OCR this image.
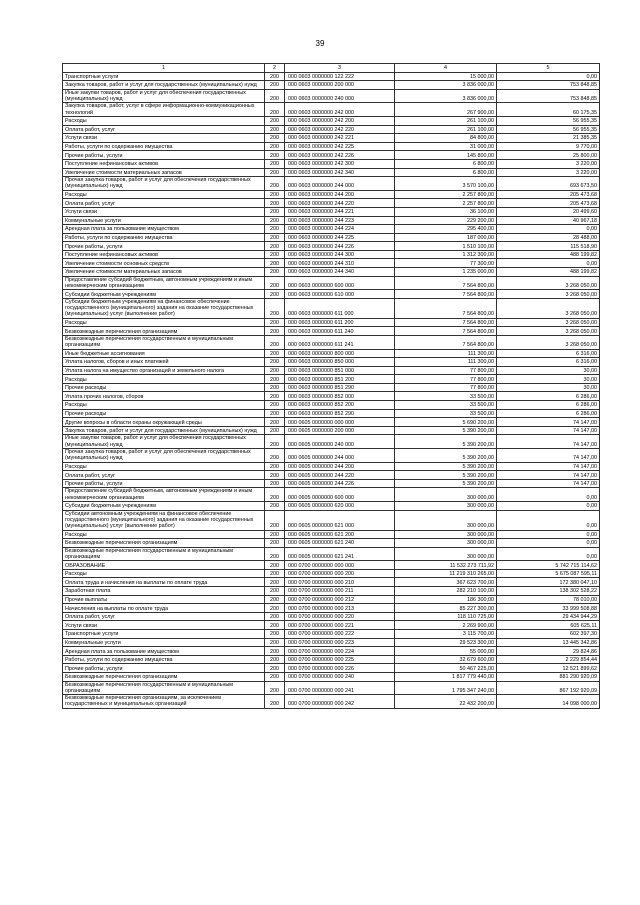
39
1	2	3	4	5
Транспортные услуги	200	000 0603 0000000 122 222	15 000,00	0,00
Закупка товаров, работ и услуг для государственных (муниципальных) нужд	200	000 0603 0000000 200 000	3 836 000,00	753 848,85
Иные закупки товаров, работ и услуг для обеспечения государственных (муниципальных) нужд	200	000 0603 0000000 240 000	3 836 000,00	753 848,85
Закупка товаров, работ, услуг в сфере информационно-коммуникационных технологий	200	000 0603 0000000 242 000	267 900,00	60 175,35
Расходы	200	000 0603 0000000 242 200	261 100,00	56 955,35
Оплата работ, услуг	200	000 0603 0000000 242 220	261 100,00	56 955,35
Услуги связи	200	000 0603 0000000 242 221	84 800,00	21 385,35
Работы, услуги по содержанию имущества	200	000 0603 0000000 242 225	31 000,00	9 770,00
Прочие работы, услуги	200	000 0603 0000000 242 226	145 800,00	25 800,00
Поступление нефинансовых активов	200	000 0603 0000000 242 300	6 800,00	3 220,00
Увеличение стоимости материальных запасов	200	000 0603 0000000 242 340	6 800,00	3 220,00
Прочая закупка товаров, работ и услуг для обеспечения государственных (муниципальных) нужд	200	000 0603 0000000 244 000	3 570 100,00	693 673,50
Расходы	200	000 0603 0000000 244 200	2 257 800,00	205 473,68
Оплата работ, услуг	200	000 0603 0000000 244 220	2 257 800,00	205 473,68
Услуги связи	200	000 0603 0000000 244 221	36 100,00	20 499,60
Коммунальные услуги	200	000 0603 0000000 244 223	229 200,00	40 967,18
Арендная плата за пользование имуществом	200	000 0603 0000000 244 224	295 400,00	0,00
Работы, услуги по содержанию имущества	200	000 0603 0000000 244 225	187 000,00	28 488,00
Прочие работы, услуги	200	000 0603 0000000 244 226	1 510 100,00	115 518,90
Поступление нефинансовых активов	200	000 0603 0000000 244 300	1 312 300,00	488 199,82
Увеличение стоимости основных средств	200	000 0603 0000000 244 310	77 300,00	0,00
Увеличение стоимости материальных запасов	200	000 0603 0000000 244 340	1 235 000,00	488 199,82
Предоставление субсидий бюджетным, автономным учреждениям и иным некоммерческим организациям	200	000 0603 0000000 600 000	7 564 800,00	3 268 050,00
Субсидии бюджетным учреждениям	200	000 0603 0000000 610 000	7 564 800,00	3 268 050,00
Субсидии бюджетным учреждениям на финансовое обеспечение государственного (муниципального) задания на оказание государственных (муниципальных) услуг (выполнение работ)	200	000 0603 0000000 611 000	7 564 800,00	3 268 050,00
Расходы	200	000 0603 0000000 611 200	7 564 800,00	3 268 050,00
Безвозмездные перечисления организациям	200	000 0603 0000000 611 240	7 564 800,00	3 268 050,00
Безвозмездные перечисления государственным и муниципальным организациям	200	000 0603 0000000 611 241	7 564 800,00	3 268 050,00
Иные бюджетные ассигнования	200	000 0603 0000000 800 000	111 300,00	6 316,00
Уплата налогов, сборов и иных платежей	200	000 0603 0000000 850 000	111 300,00	6 316,00
Уплата налога на имущество организаций и земельного налога	200	000 0603 0000000 851 000	77 800,00	30,00
Расходы	200	000 0603 0000000 851 200	77 800,00	30,00
Прочие расходы	200	000 0603 0000000 851 290	77 800,00	30,00
Уплата прочих налогов, сборов	200	000 0603 0000000 852 000	33 500,00	6 286,00
Расходы	200	000 0603 0000000 852 200	33 500,00	6 286,00
Прочие расходы	200	000 0603 0000000 852 290	33 500,00	6 286,00
Другие вопросы в области охраны окружающей среды	200	000 0605 0000000 000 000	5 690 200,00	74 147,00
Закупка товаров, работ и услуг для государственных (муниципальных) нужд	200	000 0605 0000000 200 000	5 390 200,00	74 147,00
Иные закупки товаров, работ и услуг для обеспечения государственных (муниципальных) нужд	200	000 0605 0000000 240 000	5 390 200,00	74 147,00
Прочая закупка товаров, работ и услуг для обеспечения государственных (муниципальных) нужд	200	000 0605 0000000 244 000	5 390 200,00	74 147,00
Расходы	200	000 0605 0000000 244 200	5 390 200,00	74 147,00
Оплата работ, услуг	200	000 0605 0000000 244 220	5 390 200,00	74 147,00
Прочие работы, услуги	200	000 0605 0000000 244 226	5 390 200,00	74 147,00
Предоставление субсидий бюджетным, автономным учреждениям и иным некоммерческим организациям	200	000 0605 0000000 600 000	300 000,00	0,00
Субсидии бюджетным учреждениям	200	000 0605 0000000 620 000	300 000,00	0,00
Субсидии автономным учреждениям на финансовое обеспечение государственного (муниципального) задания на оказание государственных (муниципальных) услуг (выполнение работ)	200	000 0605 0000000 621 000	300 000,00	0,00
Расходы	200	000 0605 0000000 621 200	300 000,00	0,00
Безвозмездные перечисления организациям	200	000 0605 0000000 621 240	300 000,00	0,00
Безвозмездные перечисления государственным и муниципальным организациям	200	000 0605 0000000 621 241	300 000,00	0,00
ОБРАЗОВАНИЕ	200	000 0700 0000000 000 000	11 532 273 711,92	5 742 715 114,62
Расходы	200	000 0700 0000000 000 200	11 219 310 265,00	5 675 087 595,11
Оплата труда и начисления на выплаты по оплате труда	200	000 0700 0000000 000 210	367 623 700,00	172 380 047,10
Заработная плата	200	000 0700 0000000 000 211	282 210 100,00	138 302 528,22
Прочие выплаты	200	000 0700 0000000 000 212	186 300,00	78 010,00
Начисления на выплаты по оплате труда	200	000 0700 0000000 000 213	85 227 300,00	33 999 508,88
Оплата работ, услуг	200	000 0700 0000000 000 220	118 110 725,00	29 434 944,29
Услуги связи	200	000 0700 0000000 000 221	2 269 900,00	605 625,11
Транспортные услуги	200	000 0700 0000000 000 222	3 115 700,00	602 397,30
Коммунальные услуги	200	000 0700 0000000 000 223	29 523 300,00	13 445 342,86
Арендная плата за пользование имуществом	200	000 0700 0000000 000 224	55 000,00	29 824,86
Работы, услуги по содержанию имущества	200	000 0700 0000000 000 225	32 679 600,00	2 229 854,44
Прочие работы, услуги	200	000 0700 0000000 000 226	50 467 225,00	12 521 899,62
Безвозмездные перечисления организациям	200	000 0700 0000000 000 240	1 817 779 440,00	881 290 920,09
Безвозмездные перечисления государственным и муниципальным организациям	200	000 0700 0000000 000 241	1 795 347 240,00	867 192 920,09
Безвозмездные перечисления организациям, за исключением государственных и муниципальных организаций	200	000 0700 0000000 000 242	22 432 200,00	14 098 000,00
